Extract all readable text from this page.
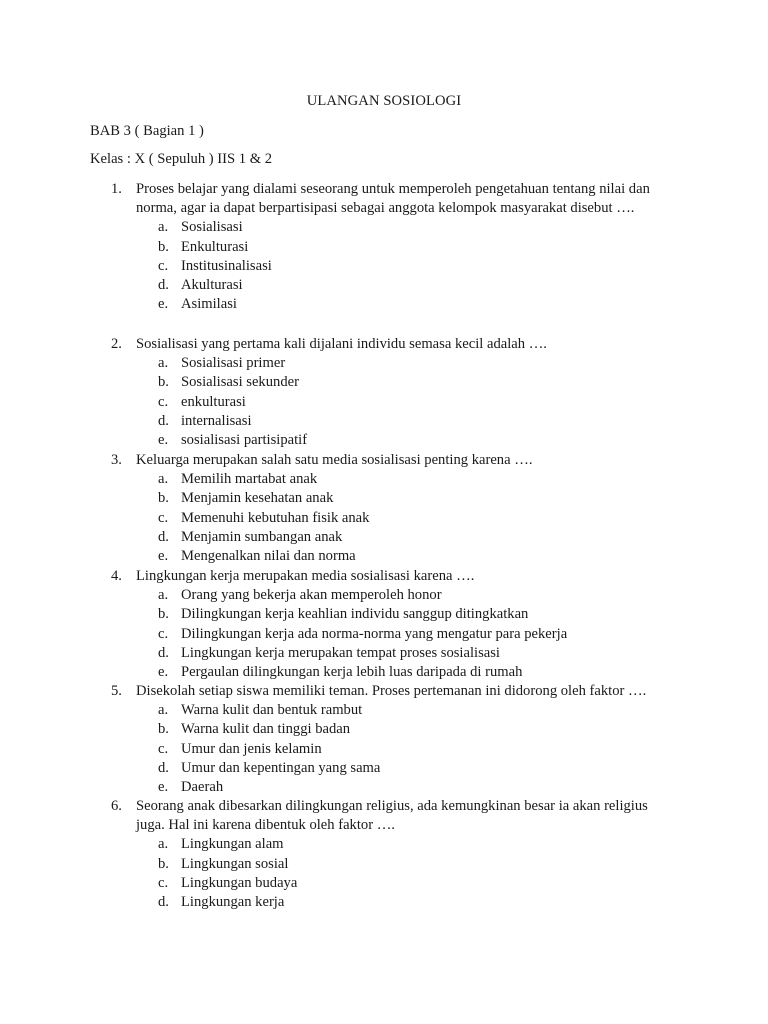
ULANGAN SOSIOLOGI
BAB 3 ( Bagian 1 )
Kelas : X ( Sepuluh ) IIS 1 & 2
1. Proses belajar yang dialami seseorang untuk memperoleh pengetahuan tentang nilai dan
norma, agar ia dapat berpartisipasi sebagai anggota kelompok masyarakat disebut ….
a. Sosialisasi
b. Enkulturasi
c. Institusinalisasi
d. Akulturasi
e. Asimilasi
2. Sosialisasi yang pertama kali dijalani individu semasa kecil adalah ….
a. Sosialisasi primer
b. Sosialisasi sekunder
c. enkulturasi
d. internalisasi
e. sosialisasi partisipatif
3. Keluarga merupakan salah satu media sosialisasi penting karena ….
a. Memilih martabat anak
b. Menjamin kesehatan anak
c. Memenuhi kebutuhan fisik anak
d. Menjamin sumbangan anak
e. Mengenalkan nilai dan norma
4. Lingkungan kerja merupakan media sosialisasi karena ….
a. Orang yang bekerja akan memperoleh honor
b. Dilingkungan kerja keahlian individu sanggup ditingkatkan
c. Dilingkungan kerja ada norma-norma yang mengatur para pekerja
d. Lingkungan kerja merupakan tempat proses sosialisasi
e. Pergaulan dilingkungan kerja lebih luas daripada di rumah
5. Disekolah setiap siswa memiliki teman. Proses pertemanan ini didorong oleh faktor ….
a. Warna kulit dan bentuk rambut
b. Warna kulit dan tinggi badan
c. Umur dan jenis kelamin
d. Umur dan kepentingan yang sama
e. Daerah
6. Seorang anak dibesarkan dilingkungan religius, ada kemungkinan besar ia akan religius
juga. Hal ini karena dibentuk oleh faktor ….
a. Lingkungan alam
b. Lingkungan sosial
c. Lingkungan budaya
d. Lingkungan kerja
